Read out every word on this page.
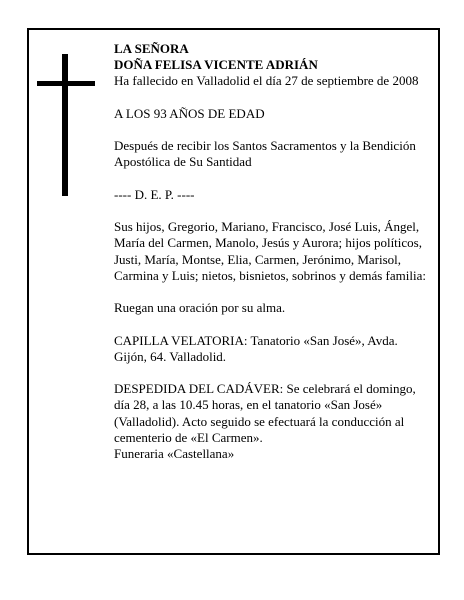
LA SEÑORA

DOÑA FELISA VICENTE ADRIÁN

Ha fallecido en Valladolid el día 27 de septiembre de 2008

A LOS 93 AÑOS DE EDAD

Después de recibir los Santos Sacramentos y la Bendición Apostólica de Su Santidad

---- D. E. P. ----

Sus hijos, Gregorio, Mariano, Francisco, José Luis, Ángel, María del Carmen, Manolo, Jesús y Aurora; hijos políticos, Justi, María, Montse, Elia, Carmen, Jerónimo, Marisol, Carmina y Luis; nietos, bisnietos, sobrinos y demás familia:

Ruegan una oración por su alma.

CAPILLA VELATORIA: Tanatorio «San José», Avda. Gijón, 64. Valladolid.

DESPEDIDA DEL CADÁVER: Se celebrará el domingo, día 28, a las 10.45 horas, en el tanatorio «San José» (Valladolid). Acto seguido se efectuará la conducción al cementerio de «El Carmen».

Funeraria «Castellana»
